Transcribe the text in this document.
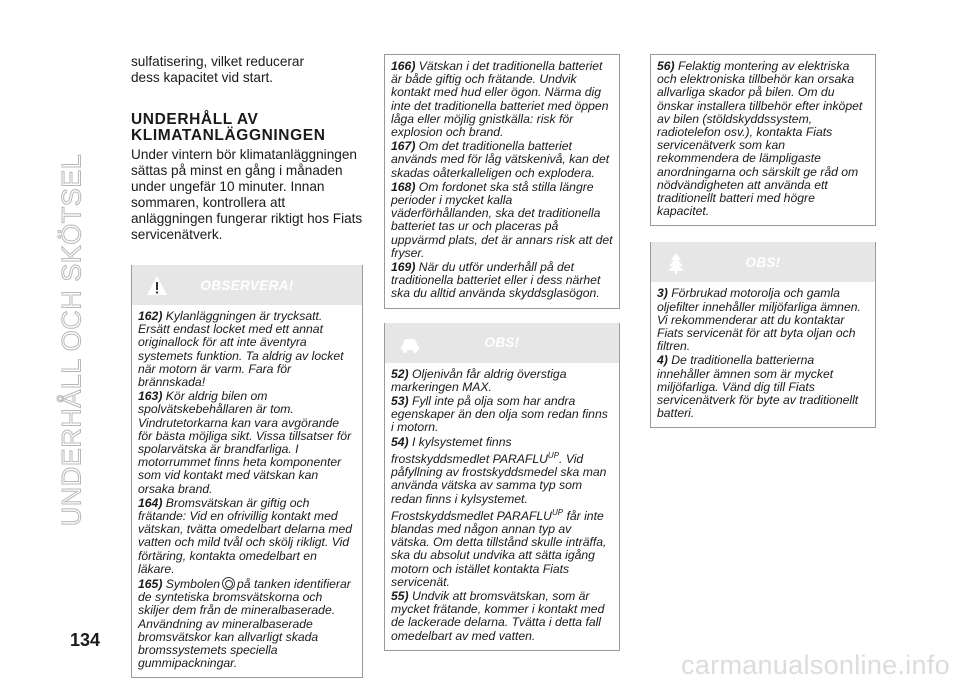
UNDERHÅLL OCH SKÖTSEL
134
carmanualsonline.info
sulfatisering, vilket reducerar dess kapacitet vid start.
UNDERHÅLL AV
KLIMATANLÄGGNINGEN
Under vintern bör klimatanläggningen sättas på minst en gång i månaden under ungefär 10 minuter. Innan sommaren, kontrollera att anläggningen fungerar riktigt hos Fiats servicenätverk.
OBSERVERA!

162) Kylanläggningen är trycksatt. Ersätt endast locket med ett annat originallock för att inte äventyra systemets funktion. Ta aldrig av locket när motorn är varm. Fara för brännskada!

163) Kör aldrig bilen om spolvätskebehållaren är tom. Vindrutetorkarna kan vara avgörande för bästa möjliga sikt. Vissa tillsatser för spolarvätska är brandfarliga. I motorrummet finns heta komponenter som vid kontakt med vätskan kan orsaka brand.

164) Bromsvätskan är giftig och frätande: Vid en ofrivillig kontakt med vätskan, tvätta omedelbart delarna med vatten och mild tvål och skölj rikligt. Vid förtäring, kontakta omedelbart en läkare.

165) Symbolen på tanken identifierar de syntetiska bromsvätskorna och skiljer dem från de mineralbaserade. Användning av mineralbaserade bromsvätskor kan allvarligt skada bromssystemets speciella gummipackningar.

166) Vätskan i det traditionella batteriet är både giftig och frätande. Undvik kontakt med hud eller ögon. Närma dig inte det traditionella batteriet med öppen låga eller möjlig gnistkälla: risk för explosion och brand.

167) Om det traditionella batteriet används med för låg vätskenivå, kan det skadas oåterkalleligen och explodera.

168) Om fordonet ska stå stilla längre perioder i mycket kalla väderförhållanden, ska det traditionella batteriet tas ur och placeras på uppvärmd plats, det är annars risk att det fryser.

169) När du utför underhåll på det traditionella batteriet eller i dess närhet ska du alltid använda skyddsglasögon.

OBS!

52) Oljenivån får aldrig överstiga markeringen MAX.

53) Fyll inte på olja som har andra egenskaper än den olja som redan finns i motorn.

54) I kylsystemet finns frostskyddsmedlet $PARAFLU^{UP}$. Vid påfyllning av frostskyddsmedel ska man använda vätska av samma typ som redan finns i kylsystemet. Frostskyddsmedlet $PARAFLU^{UP}$ får inte blandas med någon annan typ av vätska. Om detta tillstånd skulle inträffa, ska du absolut undvika att sätta igång motorn och istället kontakta Fiats servicenät.

55) Undvik att bromsvätskan, som är mycket frätande, kommer i kontakt med de lackerade delarna. Tvätta i detta fall omedelbart av med vatten.

56) Felaktig montering av elektriska och elektroniska tillbehör kan orsaka allvarliga skador på bilen. Om du önskar installera tillbehör efter inköpet av bilen (stöldskyddssystem, radiotelefon osv.), kontakta Fiats servicenätverk som kan rekommendera de lämpligaste anordningarna och särskilt ge råd om nödvändigheten att använda ett traditionellt batteri med högre kapacitet.

OBS!

3) Förbrukad motorolja och gamla oljefilter innehåller miljöfarliga ämnen. Vi rekommenderar att du kontaktar Fiats servicenät för att byta oljan och filtren.

4) De traditionella batterierna innehåller ämnen som är mycket miljöfarliga. Vänd dig till Fiats servicenätverk för byte av traditionellt batteri.
